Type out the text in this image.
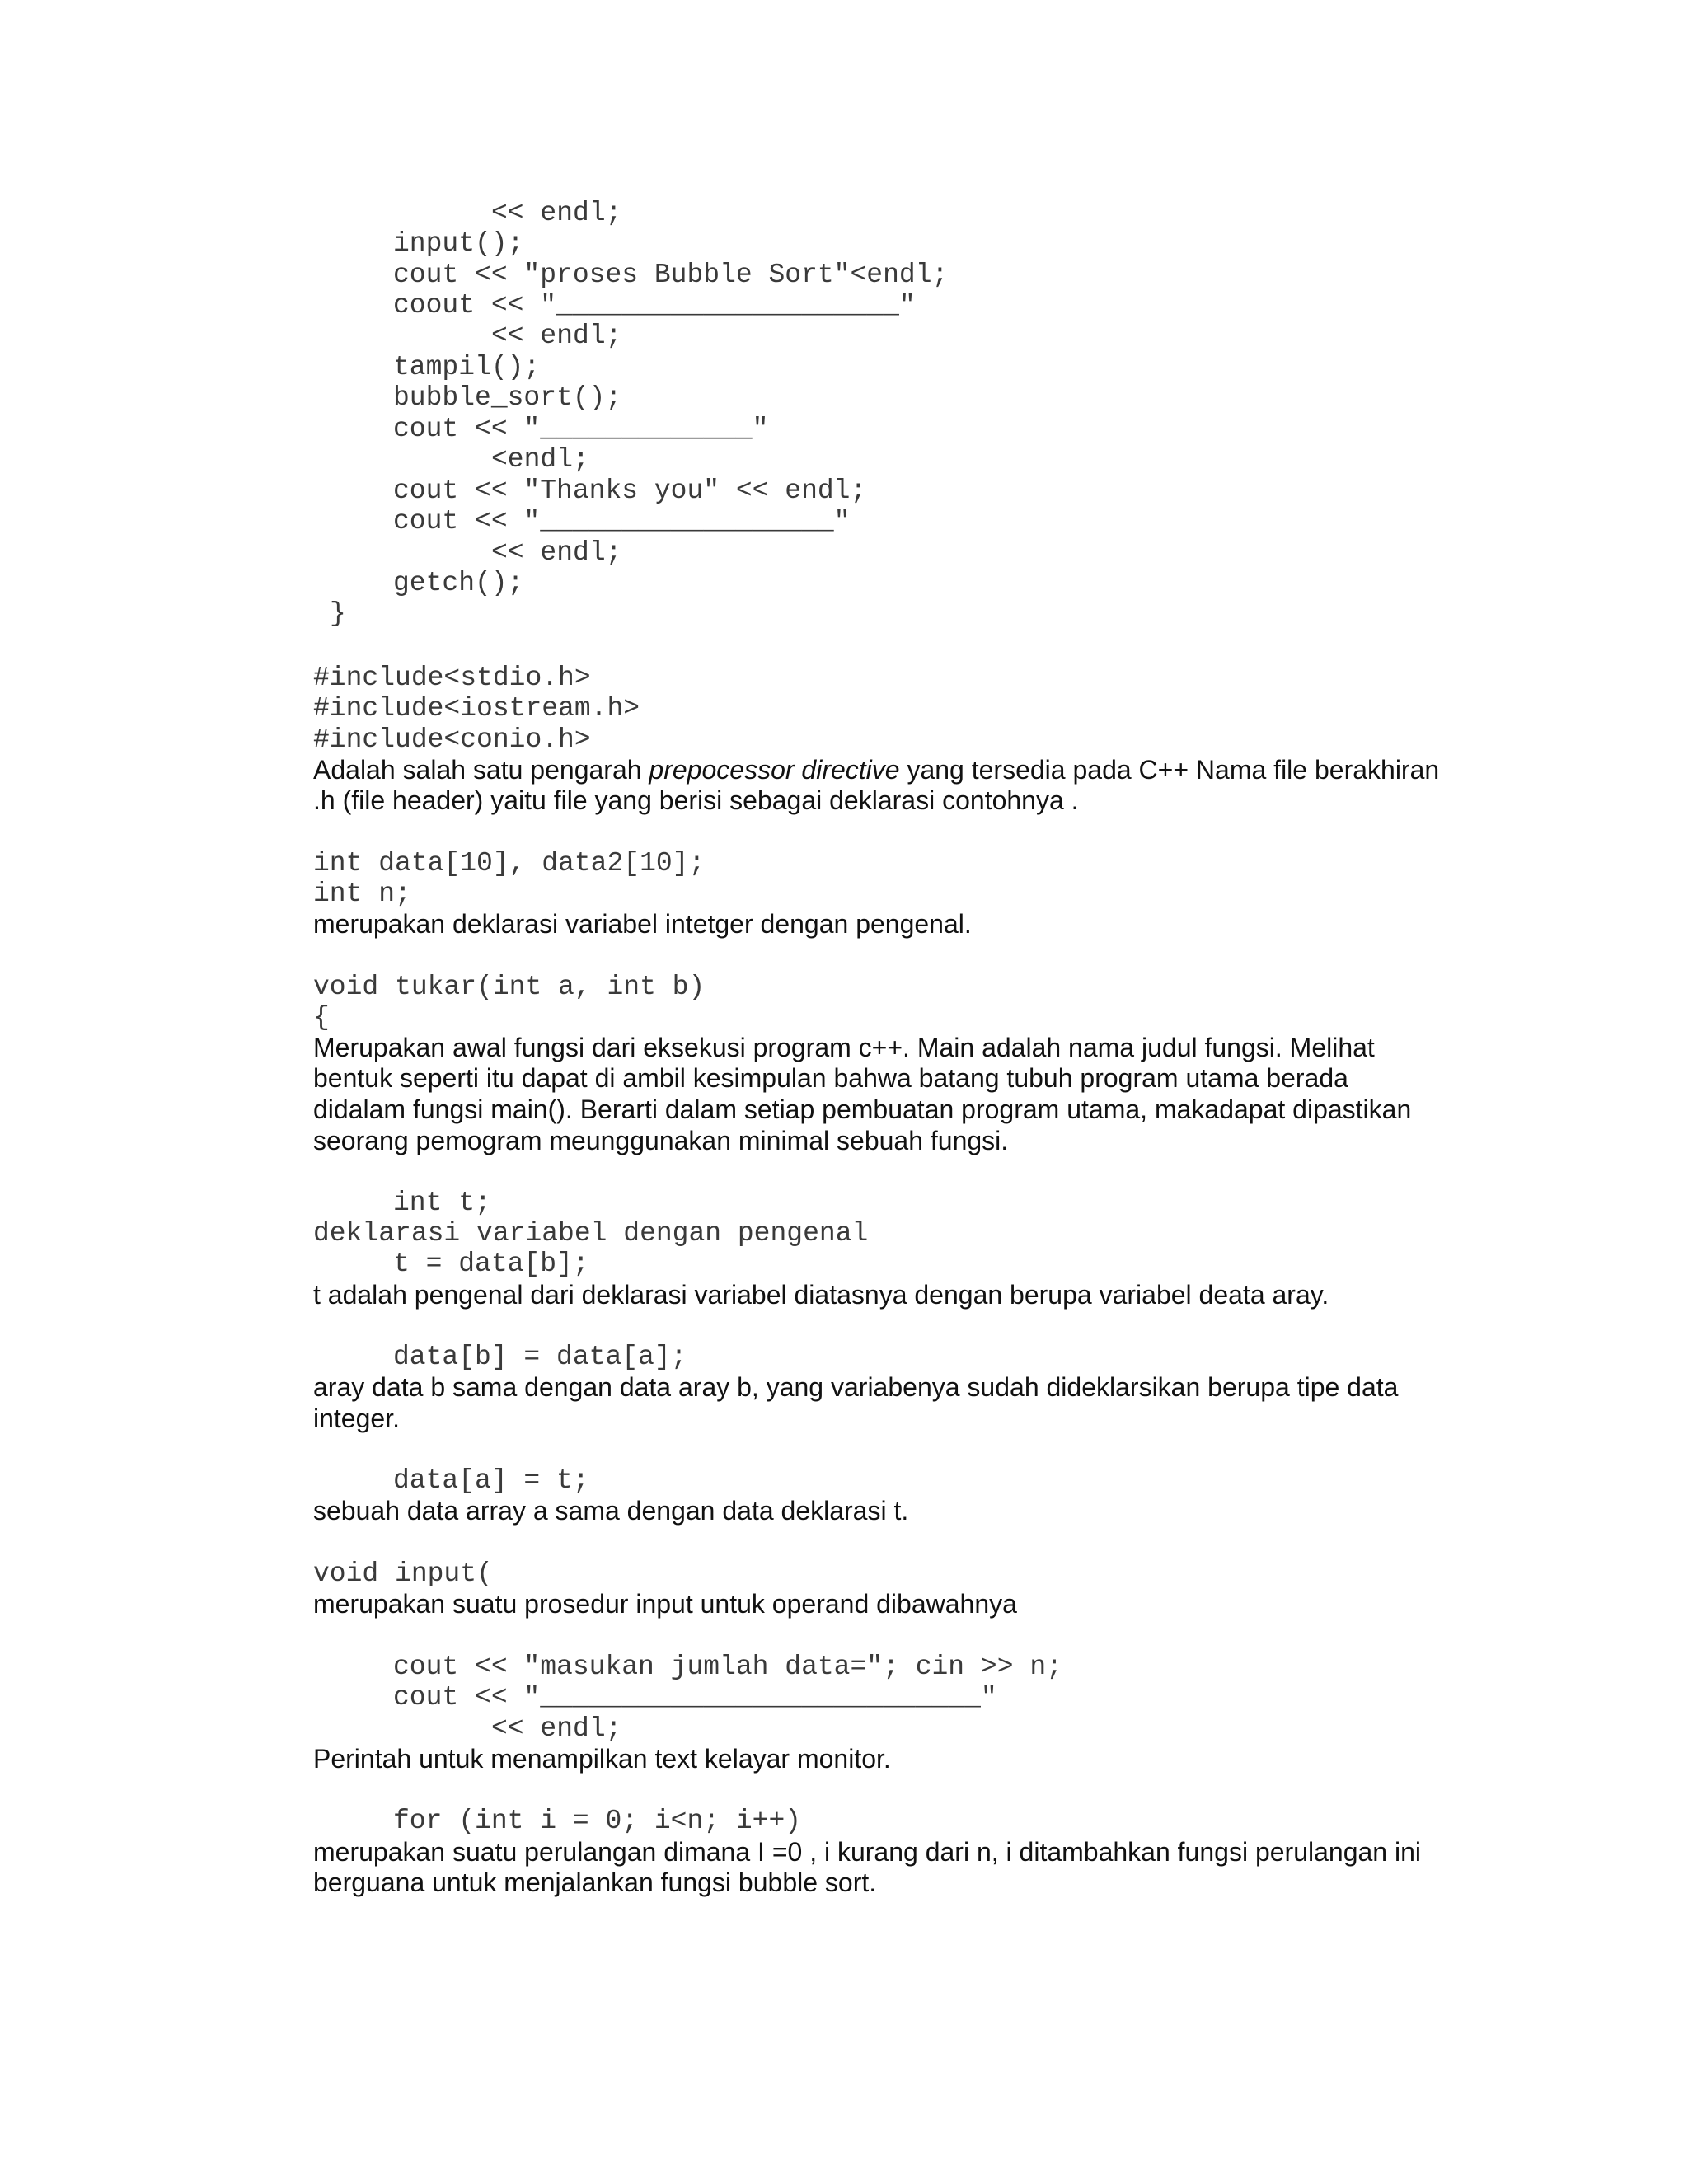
<< endl;
input();
cout << "proses Bubble Sort"<endl;
coout << "_____________________"
<< endl;
tampil();
bubble_sort();
cout << "_____________"
<endl;
cout << "Thanks you" << endl;
cout << "__________________"
<< endl;
getch();
}
#include<stdio.h>
#include<iostream.h>
#include<conio.h>
Adalah salah satu pengarah prepocessor directive yang tersedia pada C++ Nama file berakhiran
.h (file header) yaitu file yang berisi sebagai deklarasi contohnya .
int data[10], data2[10];
int n;
merupakan deklarasi variabel intetger dengan pengenal.
void tukar(int a, int b)
{
Merupakan awal fungsi dari eksekusi program c++. Main adalah nama judul fungsi. Melihat
bentuk seperti itu dapat di ambil kesimpulan bahwa batang tubuh program utama berada
didalam fungsi main(). Berarti dalam setiap pembuatan program utama, makadapat dipastikan
seorang pemogram meunggunakan minimal sebuah fungsi.
int t;
deklarasi variabel dengan pengenal
t = data[b];
t adalah pengenal dari deklarasi variabel diatasnya dengan berupa variabel deata aray.
data[b] = data[a];
aray data b sama dengan data aray b, yang variabenya sudah dideklarsikan berupa tipe data
integer.
data[a] = t;
sebuah data array a sama dengan data deklarasi t.
void input(
merupakan suatu prosedur input untuk operand dibawahnya
cout << "masukan jumlah data="; cin >> n;
cout << "___________________________"
<< endl;
Perintah untuk menampilkan text kelayar monitor.
for (int i = 0; i<n; i++)
merupakan suatu perulangan dimana I =0 , i kurang dari n, i ditambahkan fungsi perulangan ini
berguana untuk menjalankan fungsi bubble sort.
